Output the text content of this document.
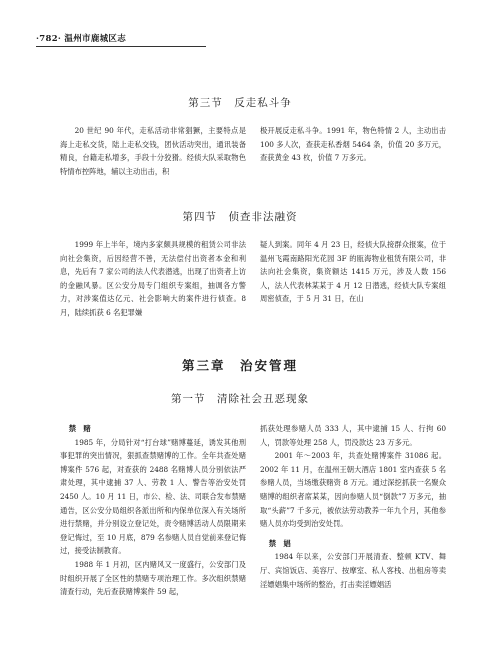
·782· 温州市鹿城区志
第三节　反走私斗争

20 世纪 90 年代，走私活动非常猖獗，主要特点是海上走私交货，陆上走私交钱，团伙活动突出，通讯装备精良，台籍走私增多，手段十分狡猾。经侦大队采取物色特情布控阵地，辅以主动出击，积

极开展反走私斗争。1991 年，物色特情 2 人，主动出击 100 多人次，查获走私香烟 5464 条，价值 20 多万元，查获黄金 43 枚，价值 7 万多元。

第四节　侦查非法融资

1999 年上半年，境内多家颇具规模的租赁公司非法向社会集资，后因经营不善，无法偿付出资者本金和利息，先后有 7 家公司的法人代表潜逃，出现了出资者上访的金融风暴。区公安分局专门组织专案组，抽调各方警力，对涉案值达亿元、社会影响大的案件进行侦查。8 月，陆续抓获 6 名犯罪嫌

疑人到案。同年 4 月 23 日，经侦大队接群众报案，位于温州飞霞南路阳光花园 3F 的瓯海物业租赁有限公司，非法向社会集资，集资额达 1415 万元，涉及人数 156 人，法人代表林某某于 4 月 12 日潜逃，经侦大队专案组周密侦查，于 5 月 31 日，在山

第三章　治安管理
第一节　清除社会丑恶现象

禁　赌

1985 年，分局针对“打台球”赌博蔓延，诱发其他刑事犯罪的突出情况，狠抓查禁赌博的工作。全年共查处赌博案件 576 起，对查获的 2488 名赌博人员分别依法严肃处理，其中逮捕 37 人、劳教 1 人、警告等治安处罚 2450 人。10 月 11 日，市公、检、法、司联合发布禁赌通告，区公安分局组织各派出所和内保单位深入有关场所进行禁赌，并分别设立登记处，责令赌博活动人员限期来登记悔过，至 10 月底，879 名参赌人员自觉前来登记悔过，接受法制教育。

1988 年 1 月初，区内赌风又一度盛行，公安部门及时组织开展了全区性的禁赌专项治理工作。多次组织禁赌清查行动，先后查获赌博案件 59 起，

抓获处理参赌人员 333 人，其中逮捕 15 人、行拘 60 人，罚款等处理 258 人，罚没款达 23 万多元。

2001 年～2003 年，共查处赌博案件 31086 起。2002 年 11 月，在温州王朝大酒店 1801 室内查获 5 名参赌人员，当场缴获赌资 8 万元。通过深挖抓获一名聚众赌博的组织者席某某，因向参赌人员“倒款”7 万多元，抽取“头薪”7 千多元，被依法劳动教养一年九个月，其他参赌人员亦均受到治安处罚。

禁　娼

1984 年以来，公安部门开展清查、整顿 KTV、舞厅、宾馆饭店、美容厅、按摩室、私人客栈、出租房等卖淫嫖娼集中场所的整治，打击卖淫嫖娼活
